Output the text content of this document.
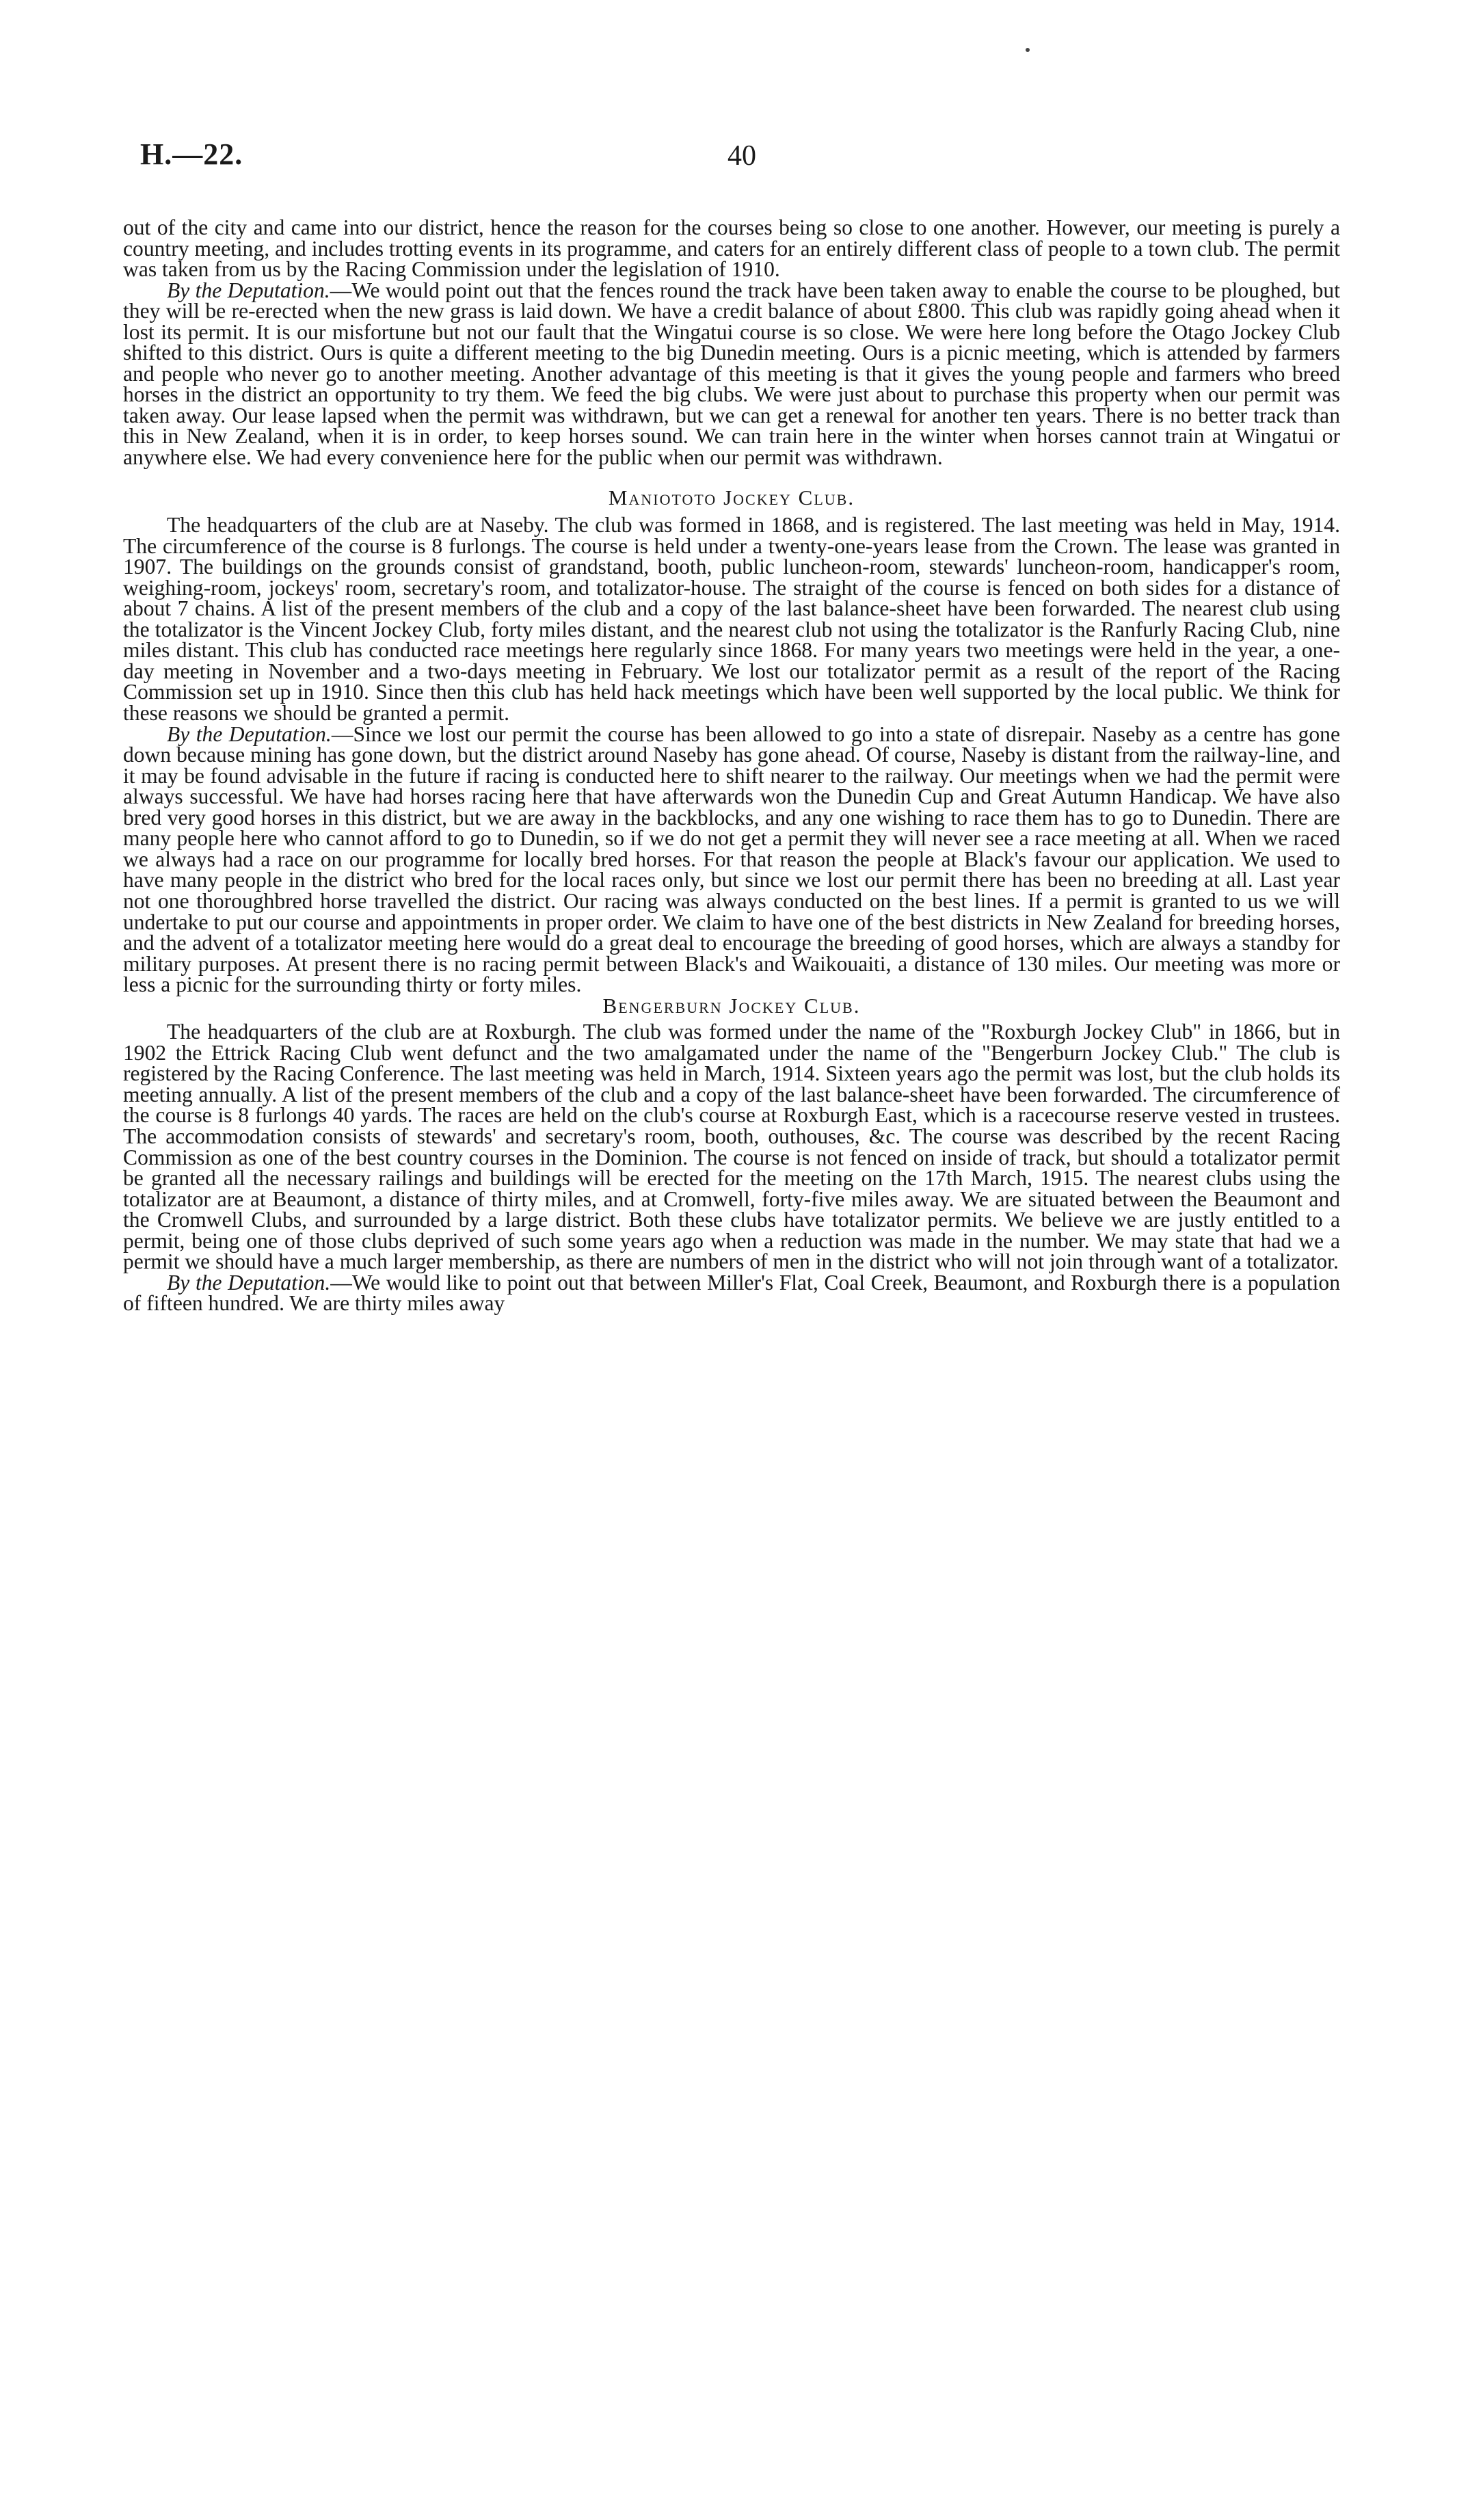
H.—22.	40

out of the city and came into our district, hence the reason for the courses being so close to one another. However, our meeting is purely a country meeting, and includes trotting events in its programme, and caters for an entirely different class of people to a town club. The permit was taken from us by the Racing Commission under the legislation of 1910.

By the Deputation.—We would point out that the fences round the track have been taken away to enable the course to be ploughed, but they will be re-erected when the new grass is laid down. We have a credit balance of about £800. This club was rapidly going ahead when it lost its permit. It is our misfortune but not our fault that the Wingatui course is so close. We were here long before the Otago Jockey Club shifted to this district. Ours is quite a different meeting to the big Dunedin meeting. Ours is a picnic meeting, which is attended by farmers and people who never go to another meeting. Another advantage of this meeting is that it gives the young people and farmers who breed horses in the district an opportunity to try them. We feed the big clubs. We were just about to purchase this property when our permit was taken away. Our lease lapsed when the permit was withdrawn, but we can get a renewal for another ten years. There is no better track than this in New Zealand, when it is in order, to keep horses sound. We can train here in the winter when horses cannot train at Wingatui or anywhere else. We had every convenience here for the public when our permit was withdrawn.

Maniototo Jockey Club.

The headquarters of the club are at Naseby. The club was formed in 1868, and is registered. The last meeting was held in May, 1914. The circumference of the course is 8 furlongs. The course is held under a twenty-one-years lease from the Crown. The lease was granted in 1907. The buildings on the grounds consist of grandstand, booth, public luncheon-room, stewards' luncheon-room, handicapper's room, weighing-room, jockeys' room, secretary's room, and totalizator-house. The straight of the course is fenced on both sides for a distance of about 7 chains. A list of the present members of the club and a copy of the last balance-sheet have been forwarded. The nearest club using the totalizator is the Vincent Jockey Club, forty miles distant, and the nearest club not using the totalizator is the Ranfurly Racing Club, nine miles distant. This club has conducted race meetings here regularly since 1868. For many years two meetings were held in the year, a one-day meeting in November and a two-days meeting in February. We lost our totalizator permit as a result of the report of the Racing Commission set up in 1910. Since then this club has held hack meetings which have been well supported by the local public. We think for these reasons we should be granted a permit.

By the Deputation.—Since we lost our permit the course has been allowed to go into a state of disrepair. Naseby as a centre has gone down because mining has gone down, but the district around Naseby has gone ahead. Of course, Naseby is distant from the railway-line, and it may be found advisable in the future if racing is conducted here to shift nearer to the railway. Our meetings when we had the permit were always successful. We have had horses racing here that have afterwards won the Dunedin Cup and Great Autumn Handicap. We have also bred very good horses in this district, but we are away in the backblocks, and any one wishing to race them has to go to Dunedin. There are many people here who cannot afford to go to Dunedin, so if we do not get a permit they will never see a race meeting at all. When we raced we always had a race on our programme for locally bred horses. For that reason the people at Black's favour our application. We used to have many people in the district who bred for the local races only, but since we lost our permit there has been no breeding at all. Last year not one thoroughbred horse travelled the district. Our racing was always conducted on the best lines. If a permit is granted to us we will undertake to put our course and appointments in proper order. We claim to have one of the best districts in New Zealand for breeding horses, and the advent of a totalizator meeting here would do a great deal to encourage the breeding of good horses, which are always a standby for military purposes. At present there is no racing permit between Black's and Waikouaiti, a distance of 130 miles. Our meeting was more or less a picnic for the surrounding thirty or forty miles.

Bengerburn Jockey Club.

The headquarters of the club are at Roxburgh. The club was formed under the name of the "Roxburgh Jockey Club" in 1866, but in 1902 the Ettrick Racing Club went defunct and the two amalgamated under the name of the "Bengerburn Jockey Club." The club is registered by the Racing Conference. The last meeting was held in March, 1914. Sixteen years ago the permit was lost, but the club holds its meeting annually. A list of the present members of the club and a copy of the last balance-sheet have been forwarded. The circumference of the course is 8 furlongs 40 yards. The races are held on the club's course at Roxburgh East, which is a racecourse reserve vested in trustees. The accommodation consists of stewards' and secretary's room, booth, outhouses, &c. The course was described by the recent Racing Commission as one of the best country courses in the Dominion. The course is not fenced on inside of track, but should a totalizator permit be granted all the necessary railings and buildings will be erected for the meeting on the 17th March, 1915. The nearest clubs using the totalizator are at Beaumont, a distance of thirty miles, and at Cromwell, forty-five miles away. We are situated between the Beaumont and the Cromwell Clubs, and surrounded by a large district. Both these clubs have totalizator permits. We believe we are justly entitled to a permit, being one of those clubs deprived of such some years ago when a reduction was made in the number. We may state that had we a permit we should have a much larger membership, as there are numbers of men in the district who will not join through want of a totalizator.

By the Deputation.—We would like to point out that between Miller's Flat, Coal Creek, Beaumont, and Roxburgh there is a population of fifteen hundred. We are thirty miles away
